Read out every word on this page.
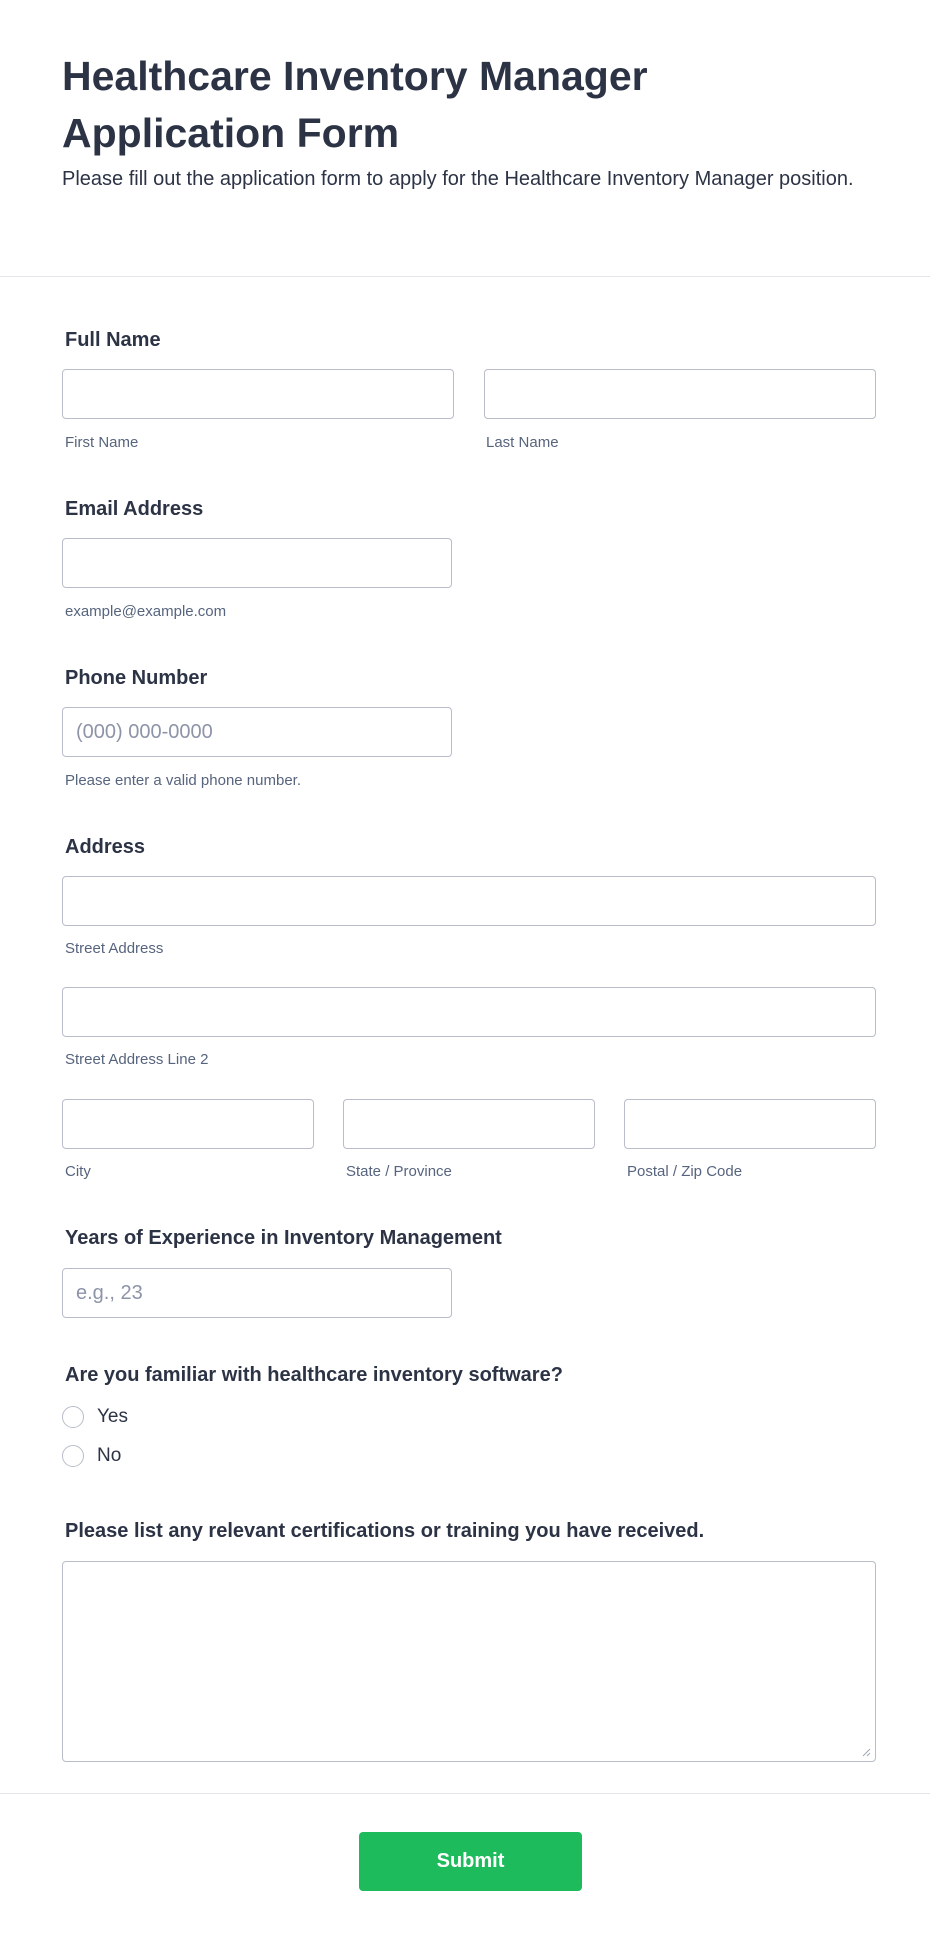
Healthcare Inventory Manager Application Form

Please fill out the application form to apply for the Healthcare Inventory Manager position.

Full Name
First Name	Last Name
Email Address
example@example.com
Phone Number
(000) 000-0000
Please enter a valid phone number.
Address
Street Address
Street Address Line 2
City	State / Province	Postal / Zip Code
Years of Experience in Inventory Management
e.g., 23
Are you familiar with healthcare inventory software?
Yes
No
Please list any relevant certifications or training you have received.
Submit
